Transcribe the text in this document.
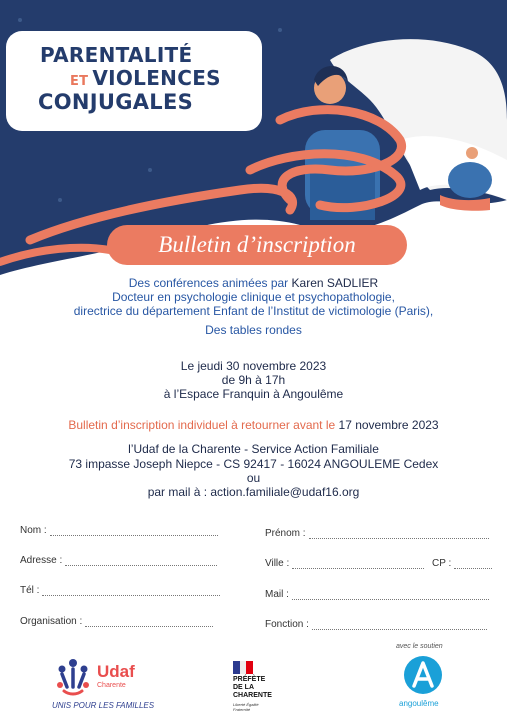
PARENTALITÉ
ET VIOLENCES
CONJUGALES
Bulletin d’inscription
Des conférences animées par Karen SADLIER
Docteur en psychologie clinique et psychopathologie,
directrice du département Enfant de l’Institut de victimologie (Paris),
Des tables rondes
Le jeudi 30 novembre 2023
de 9h à 17h
à l’Espace Franquin à Angoulême
Bulletin d’inscription individuel à retourner avant le 17 novembre 2023
l’Udaf de la Charente - Service Action Familiale
73 impasse Joseph Niepce - CS 92417 - 16024 ANGOULEME Cedex
ou
par mail à : action.familiale@udaf16.org
Nom :	Prénom :
Adresse :	Ville :	CP :
Tél :	Mail :
Organisation :	Fonction :
Udaf
Charente
UNIS POUR LES FAMILLES
PRÉFÈTE
DE LA
CHARENTE
Liberté Égalité Fraternité
avec le soutien
angoulême
